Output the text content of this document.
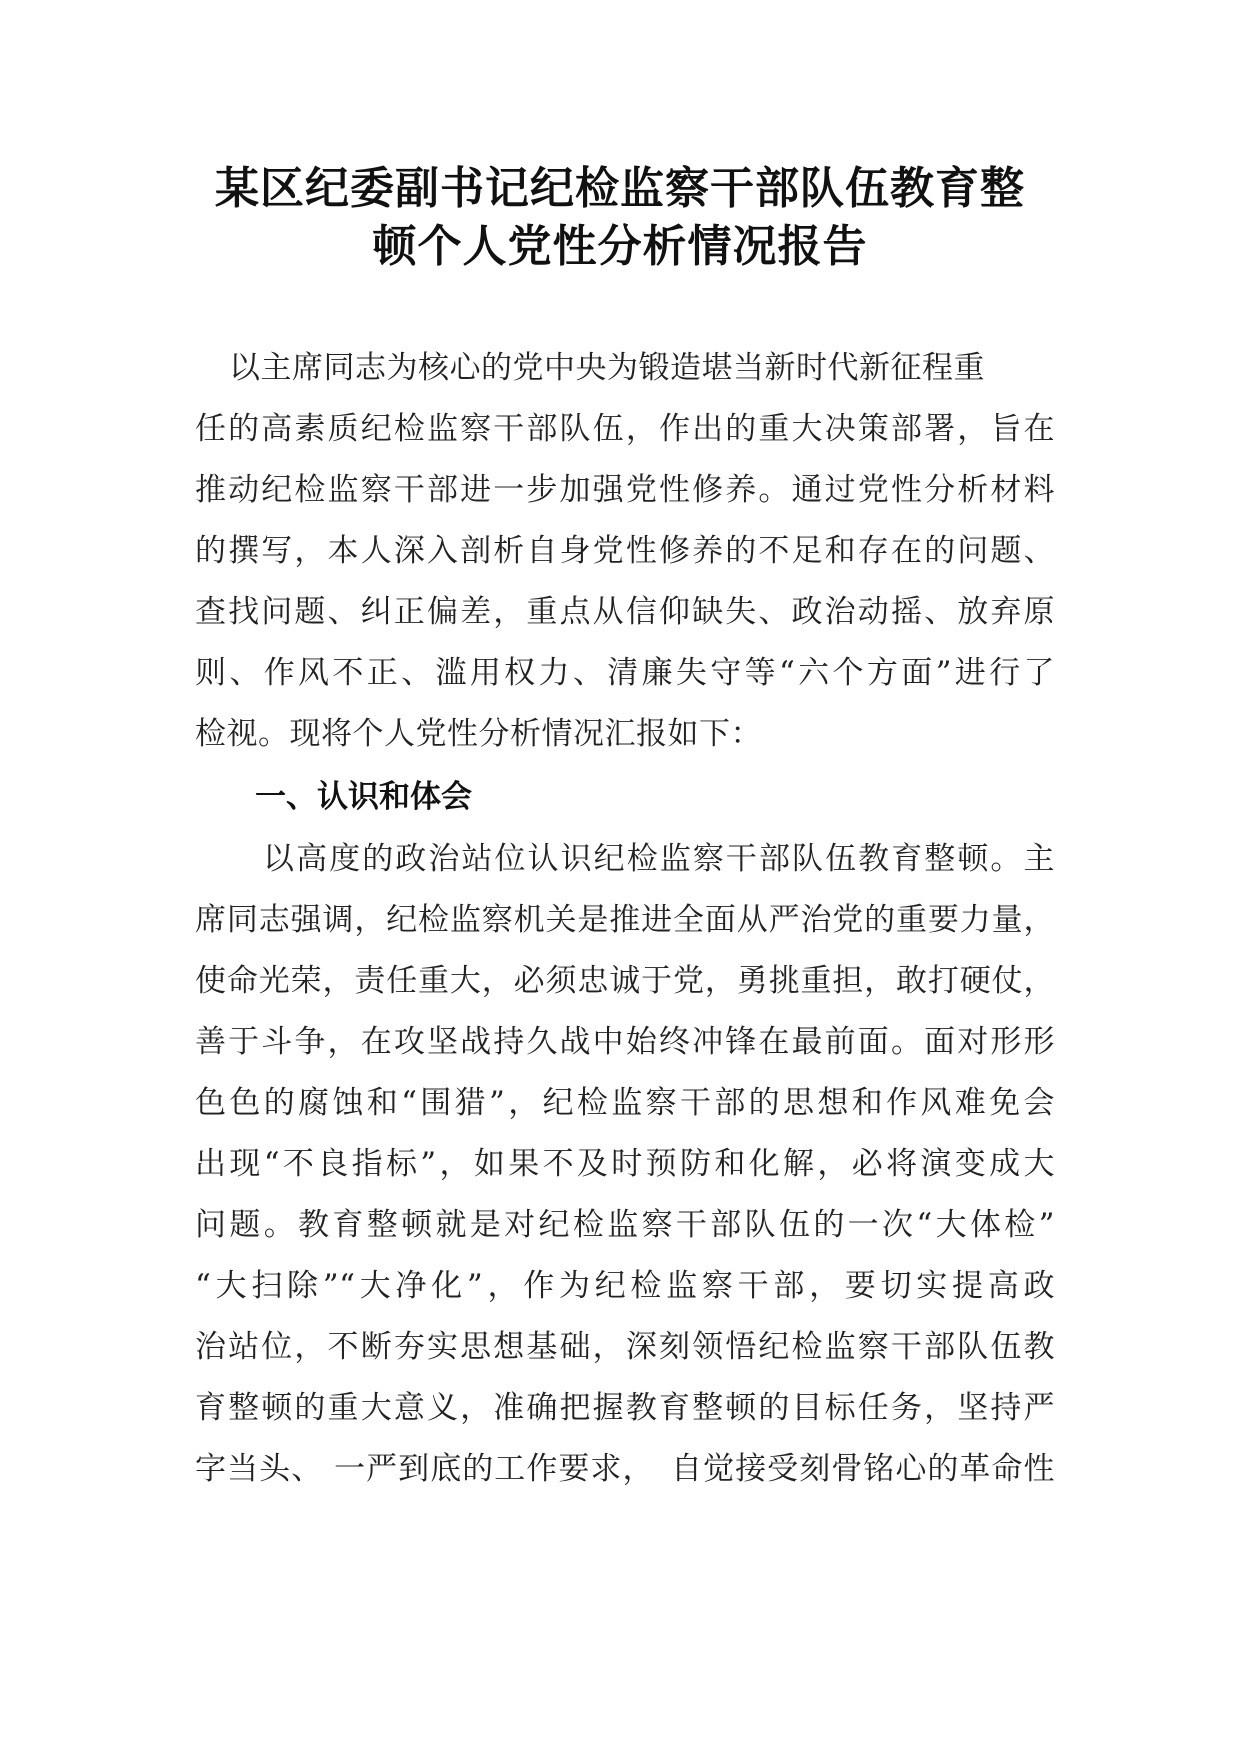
某区纪委副书记纪检监察干部队伍教育整
顿个人党性分析情况报告
以主席同志为核心的党中央为锻造堪当新时代新征程重
任的高素质纪检监察干部队伍，作出的重大决策部署，旨在
推动纪检监察干部进一步加强党性修养。通过党性分析材料
的撰写，本人深入剖析自身党性修养的不足和存在的问题、
查找问题、纠正偏差，重点从信仰缺失、政治动摇、放弃原
则、作风不正、滥用权力、清廉失守等“六个方面”进行了
检视。现将个人党性分析情况汇报如下：
一、认识和体会
以高度的政治站位认识纪检监察干部队伍教育整顿。主
席同志强调，纪检监察机关是推进全面从严治党的重要力量，
使命光荣，责任重大，必须忠诚于党，勇挑重担，敢打硬仗，
善于斗争，在攻坚战持久战中始终冲锋在最前面。面对形形
色色的腐蚀和“围猎”，纪检监察干部的思想和作风难免会
出现“不良指标”，如果不及时预防和化解，必将演变成大
问题。教育整顿就是对纪检监察干部队伍的一次“大体检”
“大扫除”“大净化”，作为纪检监察干部，要切实提高政
治站位，不断夯实思想基础，深刻领悟纪检监察干部队伍教
育整顿的重大意义，准确把握教育整顿的目标任务，坚持严
字当头、 一严到底的工作要求，　自觉接受刻骨铭心的革命性
